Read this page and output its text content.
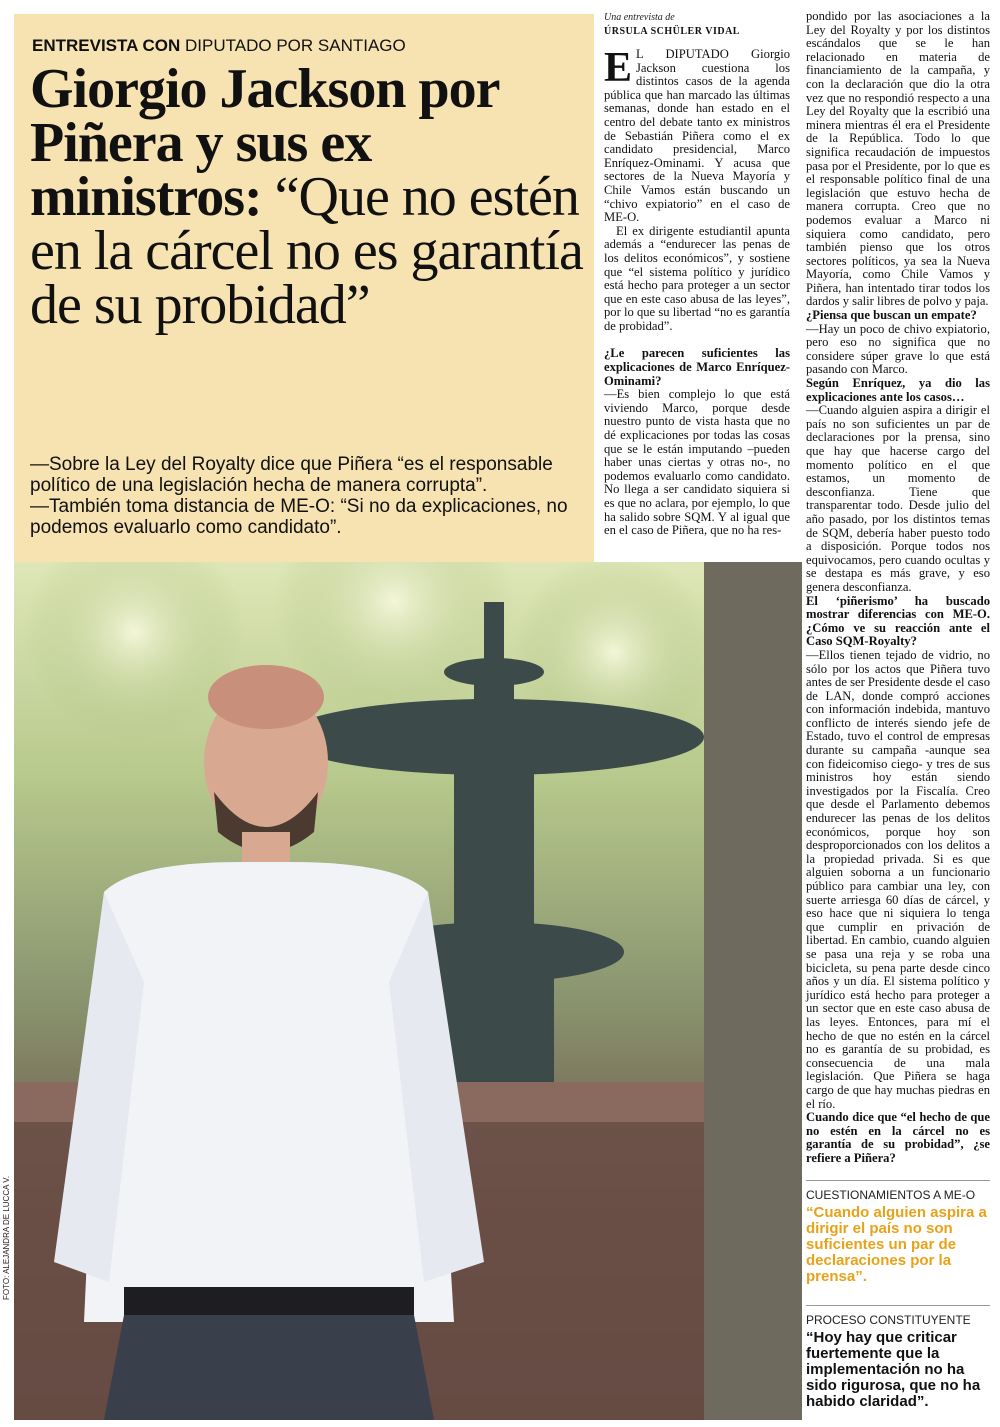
ENTREVISTA CON DIPUTADO POR SANTIAGO
Giorgio Jackson por Piñera y sus ex ministros: “Que no estén en la cárcel no es garantía de su probidad”

—Sobre la Ley del Royalty dice que Piñera “es el responsable político de una legislación hecha de manera corrupta”.

—También toma distancia de ME-O: “Si no da explicaciones, no podemos evaluarlo como candidato”.

FOTO: ALEJANDRA DE LUCCA V.
Una entrevista de
ÚRSULA SCHÜLER VIDAL

E L DIPUTADO Giorgio Jackson cuestiona los distintos casos de la agenda pública que han marcado las últimas semanas, donde han estado en el centro del debate tanto ex ministros de Sebastián Piñera como el ex candidato presidencial, Marco Enríquez-Ominami. Y acusa que sectores de la Nueva Mayoría y Chile Vamos están buscando un “chivo expiatorio” en el caso de ME-O.

El ex dirigente estudiantil apunta además a “endurecer las penas de los delitos económicos”, y sostiene que “el sistema político y jurídico está hecho para proteger a un sector que en este caso abusa de las leyes”, por lo que su libertad “no es garantía de probidad”.

¿Le parecen suficientes las explicaciones de Marco Enríquez-Ominami?

—Es bien complejo lo que está viviendo Marco, porque desde nuestro punto de vista hasta que no dé explicaciones por todas las cosas que se le están imputando –pueden haber unas ciertas y otras no-, no podemos evaluarlo como candidato. No llega a ser candidato siquiera si es que no aclara, por ejemplo, lo que ha salido sobre SQM. Y al igual que en el caso de Piñera, que no ha res-

pondido por las asociaciones a la Ley del Royalty y por los distintos escándalos que se le han relacionado en materia de financiamiento de la campaña, y con la declaración que dio la otra vez que no respondió respecto a una Ley del Royalty que la escribió una minera mientras él era el Presidente de la República. Todo lo que significa recaudación de impuestos pasa por el Presidente, por lo que es el responsable político final de una legislación que estuvo hecha de manera corrupta. Creo que no podemos evaluar a Marco ni siquiera como candidato, pero también pienso que los otros sectores políticos, ya sea la Nueva Mayoría, como Chile Vamos y Piñera, han intentado tirar todos los dardos y salir libres de polvo y paja.

¿Piensa que buscan un empate?

—Hay un poco de chivo expiatorio, pero eso no significa que no considere súper grave lo que está pasando con Marco.

Según Enríquez, ya dio las explicaciones ante los casos…

—Cuando alguien aspira a dirigir el país no son suficientes un par de declaraciones por la prensa, sino que hay que hacerse cargo del momento político en el que estamos, un momento de desconfianza. Tiene que transparentar todo. Desde julio del año pasado, por los distintos temas de SQM, debería haber puesto todo a disposición. Porque todos nos equivocamos, pero cuando ocultas y se destapa es más grave, y eso genera desconfianza.

El ‘piñerismo’ ha buscado mostrar diferencias con ME-O. ¿Cómo ve su reacción ante el Caso SQM-Royalty?

—Ellos tienen tejado de vidrio, no sólo por los actos que Piñera tuvo antes de ser Presidente desde el caso de LAN, donde compró acciones con información indebida, mantuvo conflicto de interés siendo jefe de Estado, tuvo el control de empresas durante su campaña -aunque sea con fideicomiso ciego- y tres de sus ministros hoy están siendo investigados por la Fiscalía. Creo que desde el Parlamento debemos endurecer las penas de los delitos económicos, porque hoy son desproporcionados con los delitos a la propiedad privada. Si es que alguien soborna a un funcionario público para cambiar una ley, con suerte arriesga 60 días de cárcel, y eso hace que ni siquiera lo tenga que cumplir en privación de libertad. En cambio, cuando alguien se pasa una reja y se roba una bicicleta, su pena parte desde cinco años y un día. El sistema político y jurídico está hecho para proteger a un sector que en este caso abusa de las leyes. Entonces, para mí el hecho de que no estén en la cárcel no es garantía de su probidad, es consecuencia de una mala legislación. Que Piñera se haga cargo de que hay muchas piedras en el río.

Cuando dice que “el hecho de que no estén en la cárcel no es garantía de su probidad”, ¿se refiere a Piñera?

CUESTIONAMIENTOS A ME-O
“Cuando alguien aspira a dirigir el país no son suficientes un par de declaraciones por la prensa”.
PROCESO CONSTITUYENTE
“Hoy hay que criticar fuertemente que la implementación no ha sido rigurosa, que no ha habido claridad”.
